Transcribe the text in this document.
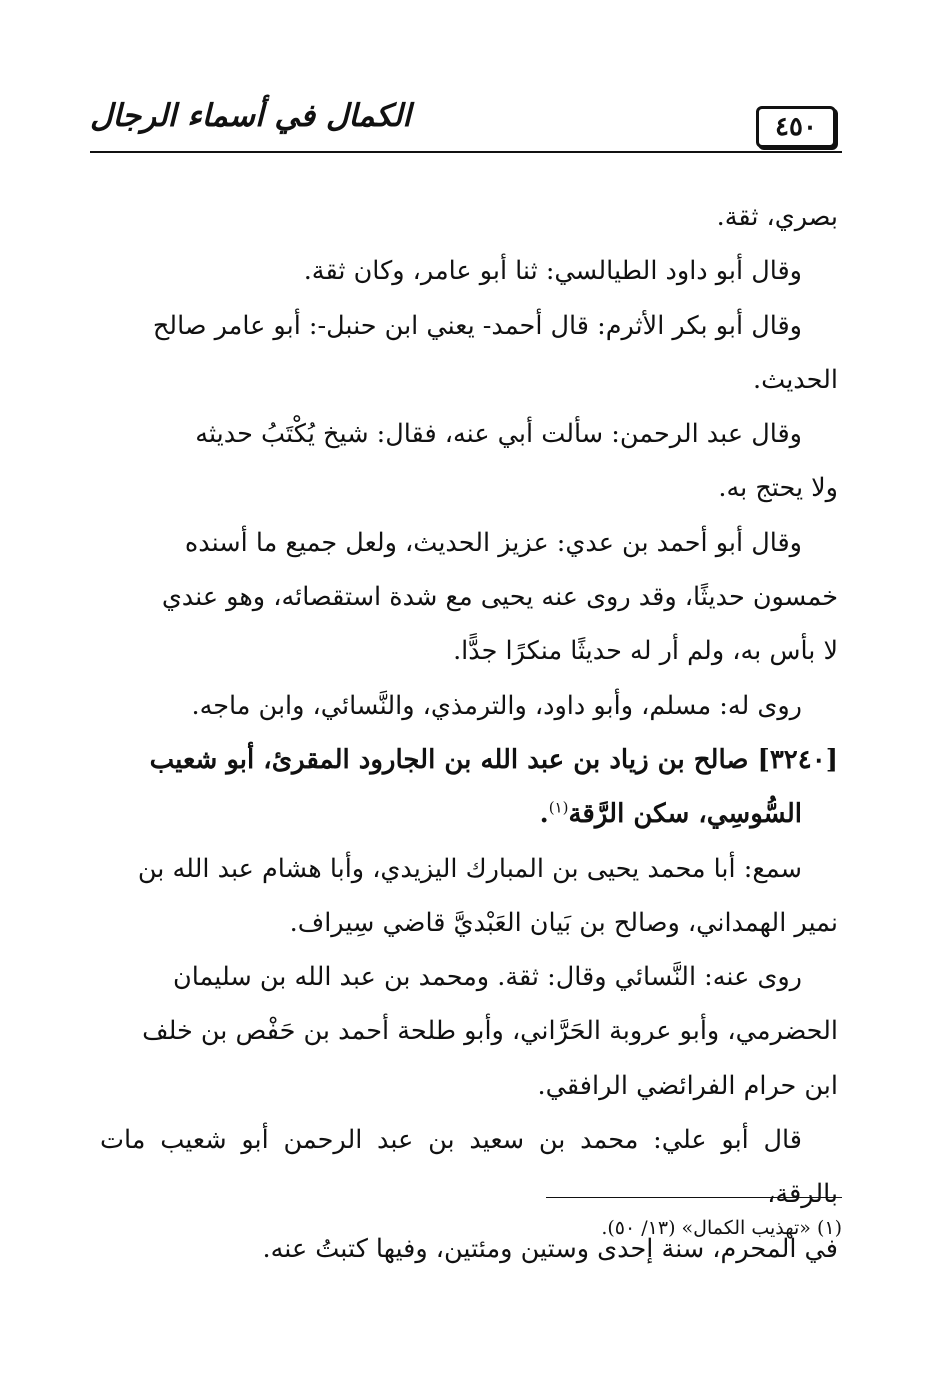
الكمال في أسماء الرجال	٤٥٠

بصري، ثقة.

وقال أبو داود الطيالسي: ثنا أبو عامر، وكان ثقة.

وقال أبو بكر الأثرم: قال أحمد- يعني ابن حنبل-: أبو عامر صالح

الحديث.

وقال عبد الرحمن: سألت أبي عنه، فقال: شيخ يُكْتَبُ حديثه

ولا يحتج به.

وقال أبو أحمد بن عدي: عزيز الحديث، ولعل جميع ما أسنده

خمسون حديثًا، وقد روى عنه يحيى مع شدة استقصائه، وهو عندي

لا بأس به، ولم أر له حديثًا منكرًا جدًّا.

روى له: مسلم، وأبو داود، والترمذي، والنَّسائي، وابن ماجه.

[٣٢٤٠] صالح بن زياد بن عبد الله بن الجارود المقرئ، أبو شعيب

السُّوسِي، سكن الرَّقة$^{(١)}$.

سمع: أبا محمد يحيى بن المبارك اليزيدي، وأبا هشام عبد الله بن

نمير الهمداني، وصالح بن بَيان العَبْديَّ قاضي سِيراف.

روى عنه: النَّسائي وقال: ثقة. ومحمد بن عبد الله بن سليمان

الحضرمي، وأبو عروبة الحَرَّاني، وأبو طلحة أحمد بن حَفْص بن خلف

ابن حرام الفرائضي الرافقي.

قال أبو علي: محمد بن سعيد بن عبد الرحمن أبو شعيب مات بالرقة،

في المحرم، سنة إحدى وستين ومئتين، وفيها كتبتُ عنه.

(١) «تهذيب الكمال» (١٣/ ٥٠).
